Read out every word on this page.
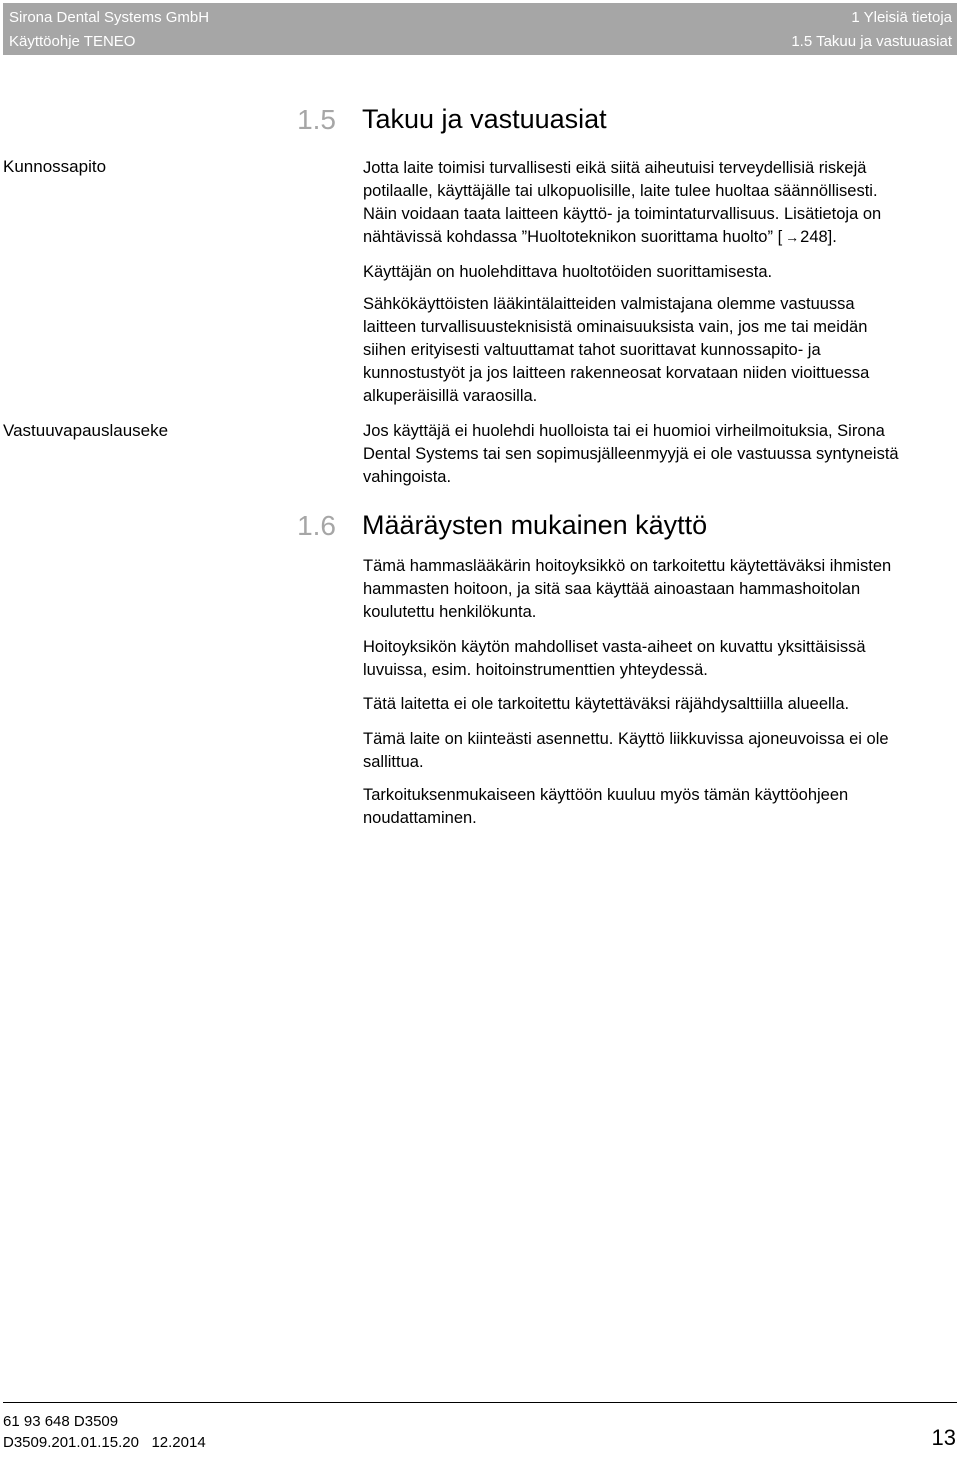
Sirona Dental Systems GmbH
Käyttöohje TENEO
1 Yleisiä tietoja
1.5 Takuu ja vastuuasiat
1.5 Takuu ja vastuuasiat
Kunnossapito	Jotta laite toimisi turvallisesti eikä siitä aiheutuisi terveydellisiä riskejä
potilaalle, käyttäjälle tai ulkopuolisille, laite tulee huoltaa säännöllisesti.
Näin voidaan taata laitteen käyttö- ja toimintaturvallisuus. Lisätietoja on
nähtävissä kohdassa ”Huoltoteknikon suorittama huolto” [ →248].
Käyttäjän on huolehdittava huoltotöiden suorittamisesta.
Sähkökäyttöisten lääkintälaitteiden valmistajana olemme vastuussa
laitteen turvallisuusteknisistä ominaisuuksista vain, jos me tai meidän
siihen erityisesti valtuuttamat tahot suorittavat kunnossapito- ja
kunnostustyöt ja jos laitteen rakenneosat korvataan niiden vioittuessa
alkuperäisillä varaosilla.
Vastuuvapauslauseke	Jos käyttäjä ei huolehdi huolloista tai ei huomioi virheilmoituksia, Sirona
Dental Systems tai sen sopimusjälleenmyyjä ei ole vastuussa syntyneistä
vahingoista.
1.6 Määräysten mukainen käyttö
Tämä hammaslääkärin hoitoyksikkö on tarkoitettu käytettäväksi ihmisten
hammasten hoitoon, ja sitä saa käyttää ainoastaan hammashoitolan
koulutettu henkilökunta.
Hoitoyksikön käytön mahdolliset vasta-aiheet on kuvattu yksittäisissä
luvuissa, esim. hoitoinstrumenttien yhteydessä.
Tätä laitetta ei ole tarkoitettu käytettäväksi räjähdysalttiilla alueella.
Tämä laite on kiinteästi asennettu. Käyttö liikkuvissa ajoneuvoissa ei ole
sallittua.
Tarkoituksenmukaiseen käyttöön kuuluu myös tämän käyttöohjeen
noudattaminen.
61 93 648 D3509
D3509.201.01.15.20   12.2014	13
